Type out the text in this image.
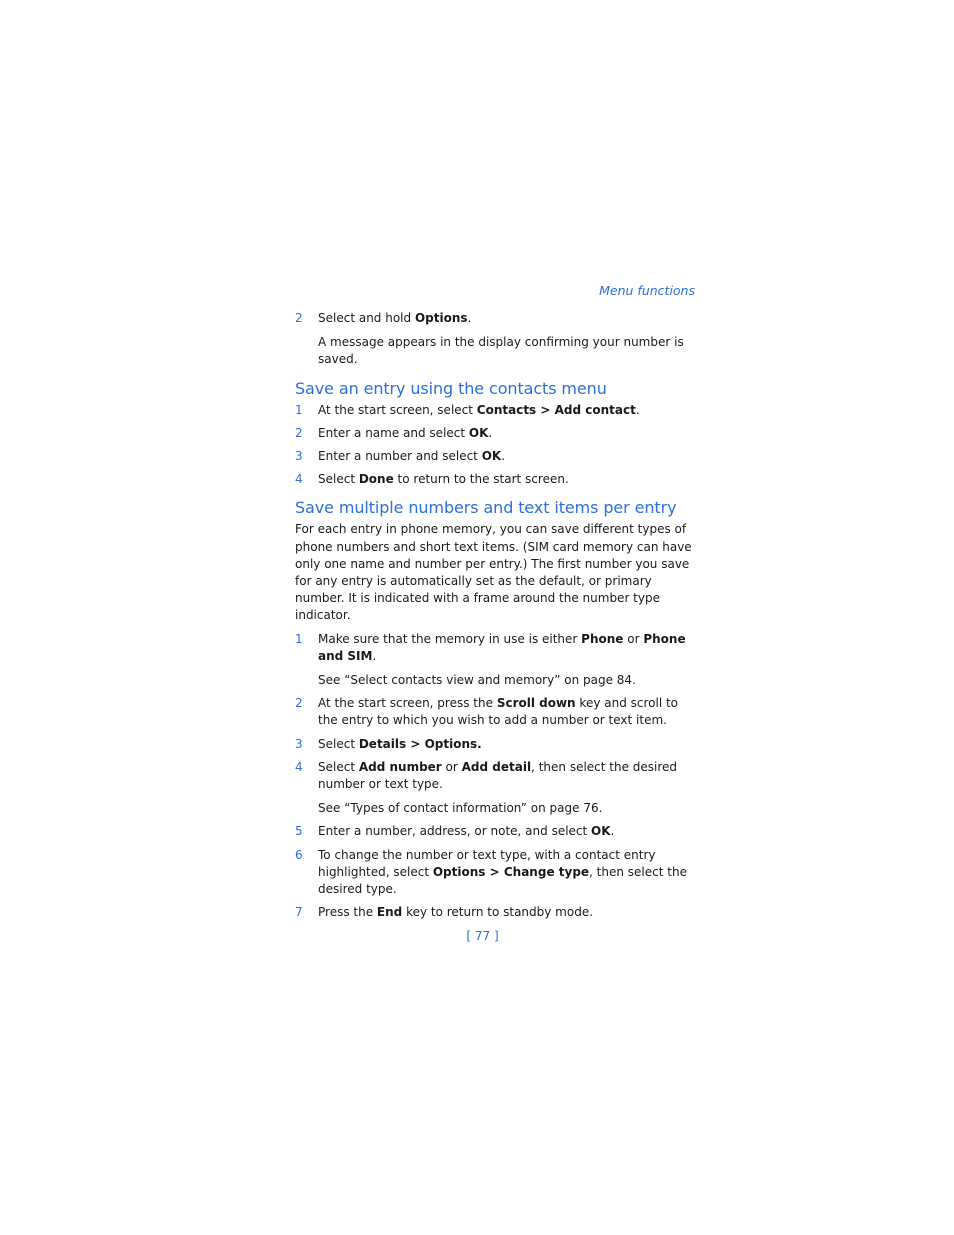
Menu functions
2 Select and hold Options.
A message appears in the display confirming your number is saved.
Save an entry using the contacts menu
1 At the start screen, select Contacts > Add contact.
2 Enter a name and select OK.
3 Enter a number and select OK.
4 Select Done to return to the start screen.
Save multiple numbers and text items per entry

For each entry in phone memory, you can save different types of phone numbers and short text items. (SIM card memory can have only one name and number per entry.) The first number you save for any entry is automatically set as the default, or primary number. It is indicated with a frame around the number type indicator.

1 Make sure that the memory in use is either Phone or Phone and SIM.
See “Select contacts view and memory” on page 84.
2 At the start screen, press the Scroll down key and scroll to the entry to which you wish to add a number or text item.
3 Select Details > Options.
4 Select Add number or Add detail, then select the desired number or text type.
See “Types of contact information” on page 76.
5 Enter a number, address, or note, and select OK.
6 To change the number or text type, with a contact entry highlighted, select Options > Change type, then select the desired type.
7 Press the End key to return to standby mode.
[ 77 ]
